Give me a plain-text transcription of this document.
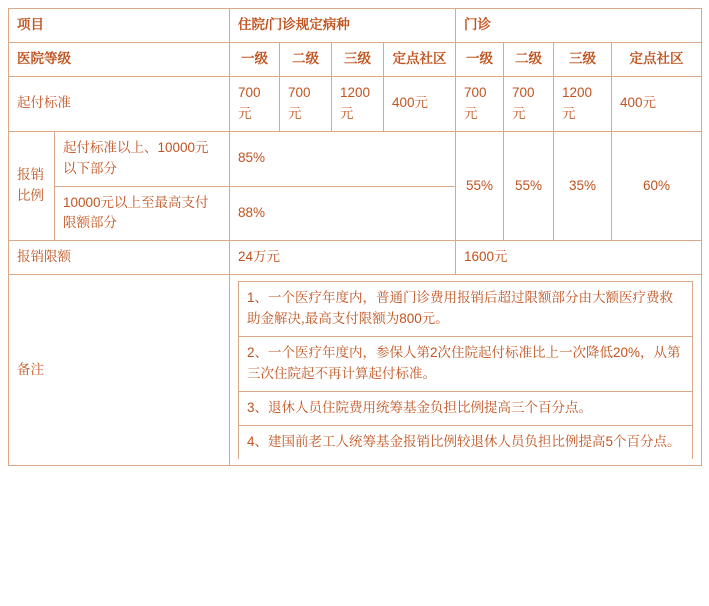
项目	住院/门诊规定病种	门诊
医院等级	一级	二级	三级	定点社区	一级	二级	三级	定点社区
起付标准	700元	700元	1200元	400元	700元	700元	1200元	400元
报销比例	起付标准以上、10000元以下部分	85%	55%	55%	35%	60%
10000元以上至最高支付限额部分	88%
报销限额	24万元	1600元
备注	
1、一个医疗年度内，普通门诊费用报销后超过限额部分由大额医疗费救助金解决,最高支付限额为800元。
2、一个医疗年度内，参保人第2次住院起付标准比上一次降低20%，从第三次住院起不再计算起付标准。
3、退休人员住院费用统筹基金负担比例提高三个百分点。
4、建国前老工人统筹基金报销比例较退休人员负担比例提高5个百分点。
